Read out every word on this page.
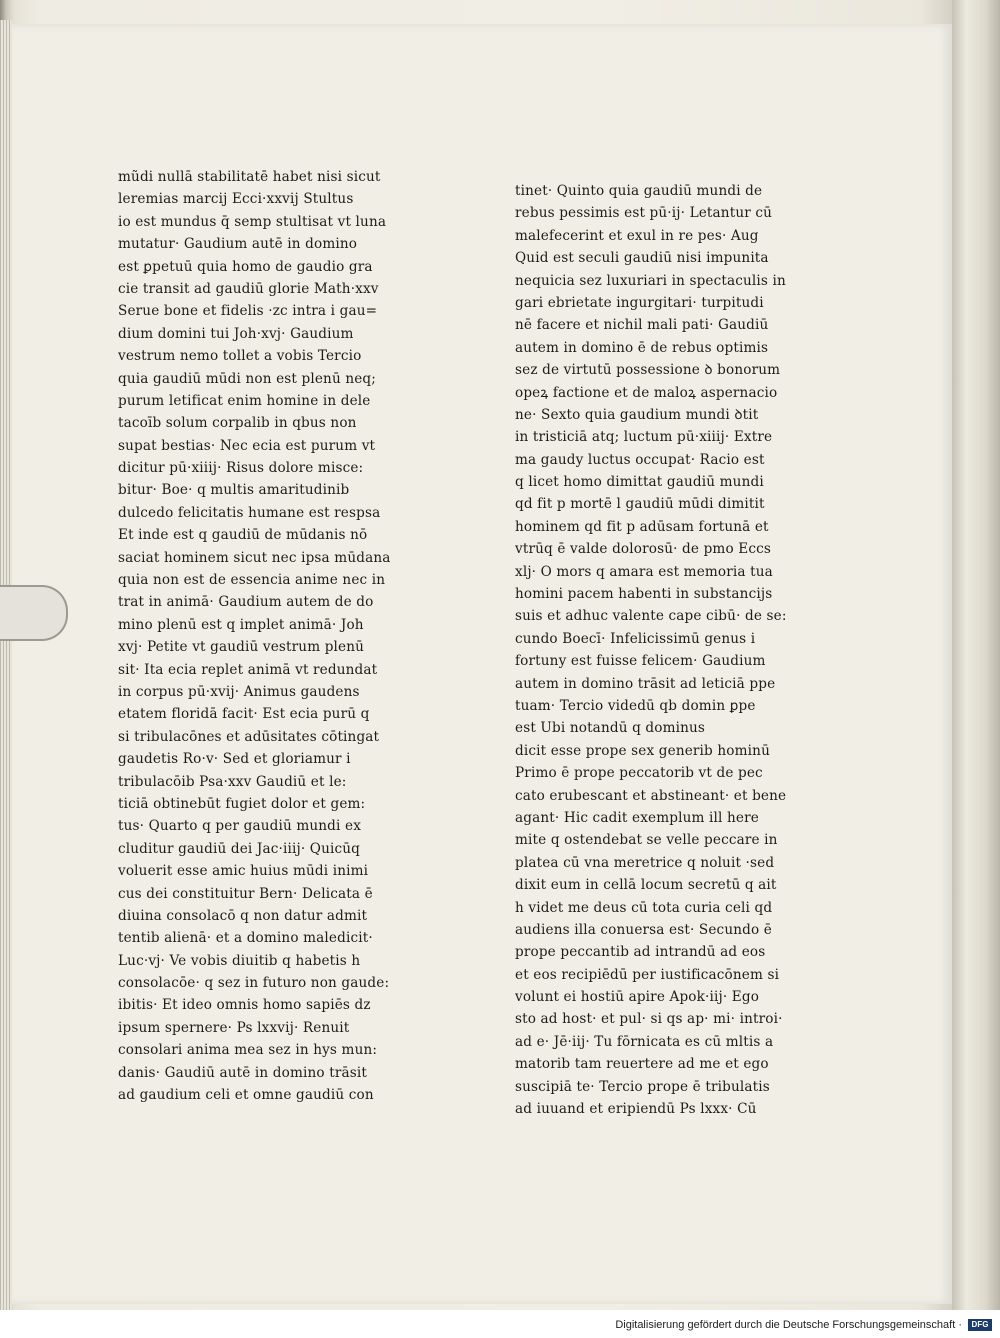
mũdi nullā stabilitatē habet nisi sicut
leremias marcij Ecci·xxvij Stultus
io est mundus q̄ semp stultisat vt luna
mutatur· Gaudium autē in domino
est ꝑpetuū quia homo de gaudio gra
cie transit ad gaudiū glorie Math·xxv
Serue bone et fidelis ·zc intra i gau=
dium domini tui Joh·xvj· Gaudium
vestrum nemo tollet a vobis Tercio
quia gaudiū mūdi non est plenū neq;
purum letificat enim homine in dele
tacoīb solum corpalib in qbus non
supat bestias· Nec ecia est purum vt
dicitur pū·xiiij· Risus dolore misce:
bitur· Boe· q multis amaritudinib
dulcedo felicitatis humane est respsa
Et inde est q gaudiū de mūdanis nō
saciat hominem sicut nec ipsa mūdana
quia non est de essencia anime nec in
trat in animā· Gaudium autem de do
mino plenū est q implet animā· Joh
xvj· Petite vt gaudiū vestrum plenū
sit· Ita ecia replet animā vt redundat
in corpus pū·xvij· Animus gaudens
etatem floridā facit· Est ecia purū q
si tribulacōnes et adūsitates cōtingat
gaudetis Ro·v· Sed et gloriamur i
tribulacōib Psa·xxv Gaudiū et le:
ticiā obtinebūt fugiet dolor et gem:
tus· Quarto q per gaudiū mundi ex
cluditur gaudiū dei Jac·iiij· Quicūq
voluerit esse amic huius mūdi inimi
cus dei constituitur Bern· Delicata ē
diuina consolacō q non datur admit
tentib alienā· et a domino maledicit·
Luc·vj· Ve vobis diuitib q habetis h
consolacōe· q sez in futuro non gaude:
ibitis· Et ideo omnis homo sapiēs dz
ipsum spernere· Ps lxxvij· Renuit
consolari anima mea sez in hys mun:
danis· Gaudiū autē in domino trāsit
ad gaudium celi et omne gaudiū con
tinet· Quinto quia gaudiū mundi de
rebus pessimis est pū·ij· Letantur cū
malefecerint et exul in re pes· Aug
Quid est seculi gaudiū nisi impunita
nequicia sez luxuriari in spectaculis in
gari ebrietate ingurgitari· turpitudi
nē facere et nichil mali pati· Gaudiū
autem in domino ē de rebus optimis
sez de virtutū possessione ꝺ bonorum
opeꝝ factione et de maloꝝ aspernacio
ne· Sexto quia gaudium mundi ꝺtit
in tristiciā atq; luctum pū·xiiij· Extre
ma gaudy luctus occupat· Racio est
q licet homo dimittat gaudiū mundi
qd fit p mortē l gaudiū mūdi dimitit
hominem qd fit p adūsam fortunā et
vtrūq ē valde dolorosū· de pmo Eccs
xlj· O mors q amara est memoria tua
homini pacem habenti in substancijs
suis et adhuc valente cape cibū· de se:
cundo Boecī· Infelicissimū genus i
fortuny est fuisse felicem· Gaudium
autem in domino trāsit ad leticiā ppe
tuam· Tercio videdū qb domin ꝑpe
est Ubi notandū q dominus
dicit esse prope sex generib hominū
Primo ē prope peccatorib vt de pec
cato erubescant et abstineant· et bene
agant· Hic cadit exemplum ill here
mite q ostendebat se velle peccare in
platea cū vna meretrice q noluit ·sed
dixit eum in cellā locum secretū q ait
h videt me deus cū tota curia celi qd
audiens illa conuersa est· Secundo ē
prope peccantib ad intrandū ad eos
et eos recipiēdū per iustificacōnem si
volunt ei hostiū apire Apok·iij· Ego
sto ad host· et pul· si qs ap· mi· introi·
ad e· Jē·iij· Tu fōrnicata es cū mltis a
matorib tam reuertere ad me et ego
suscipiā te· Tercio prope ē tribulatis
ad iuuand et eripiendū Ps lxxx· Cū
Digitalisierung gefördert durch die Deutsche Forschungsgemeinschaft ·	DFG
